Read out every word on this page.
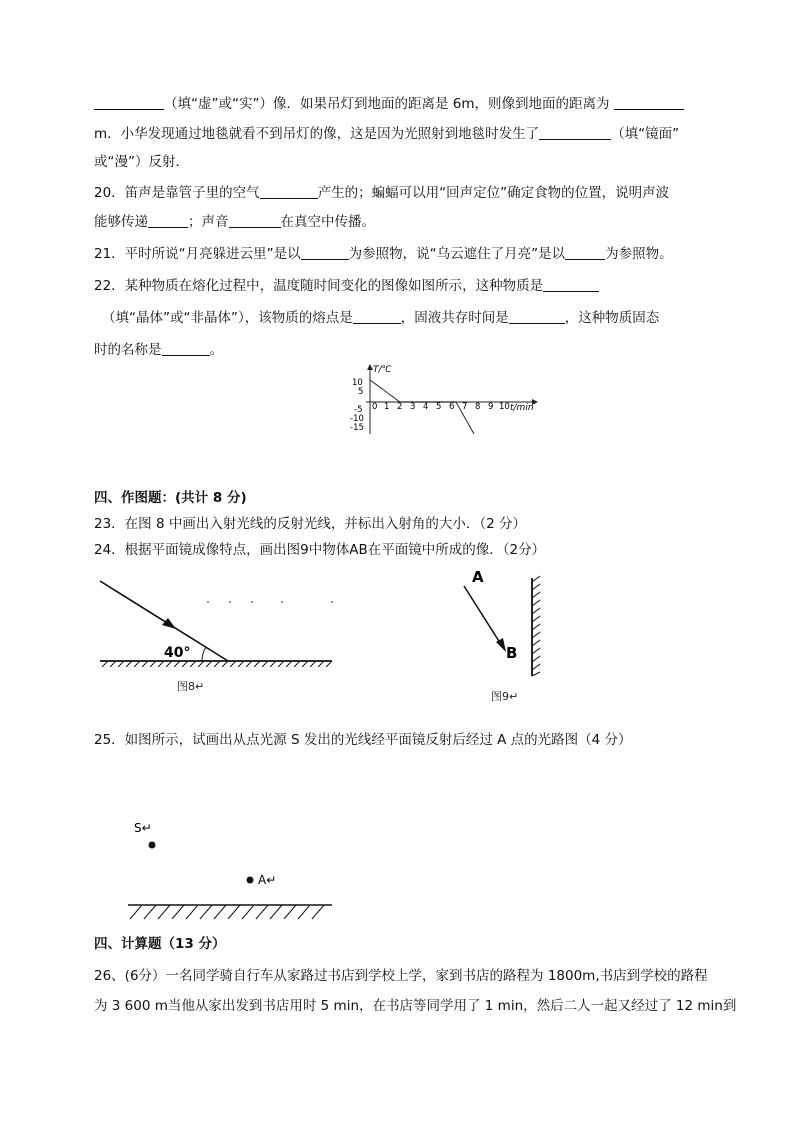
（填“虚”或“实”）像．如果吊灯到地面的距离是 6m，则像到地面的距离为
m．小华发现通过地毯就看不到吊灯的像，这是因为光照射到地毯时发生了	（填“镜面”
或“漫”）反射．
20．笛声是靠管子里的空气	产生的；蝙蝠可以用“回声定位”确定食物的位置，说明声波
能够传递	；声音	在真空中传播。
21．平时所说“月亮躲进云里”是以	为参照物，说“乌云遮住了月亮”是以	为参照物。
22．某种物质在熔化过程中，温度随时间变化的图像如图所示，这种物质是
（填“晶体”或“非晶体”），该物质的熔点是	，固液共存时间是	，这种物质固态
时的名称是	。
T/℃
t/min
10
5
-5
-10
-15
0 1 2 3 4 5 6 7 8 9 10
四、作图题：(共计 8 分)
23．在图 8 中画出入射光线的反射光线，并标出入射角的大小．（2 分）
24．根据平面镜成像特点，画出图9中物体AB在平面镜中所成的像．（2分）
40°
图8↵
A
B
图9↵
25．如图所示，试画出从点光源 S 发出的光线经平面镜反射后经过 A 点的光路图（4 分）
S↵
A↵
四、计算题（13 分）
26、(6分）一名同学骑自行车从家路过书店到学校上学，家到书店的路程为 1800m,书店到学校的路程
为 3 600 m当他从家出发到书店用时 5 min，在书店等同学用了 1 min，然后二人一起又经过了 12 min到
